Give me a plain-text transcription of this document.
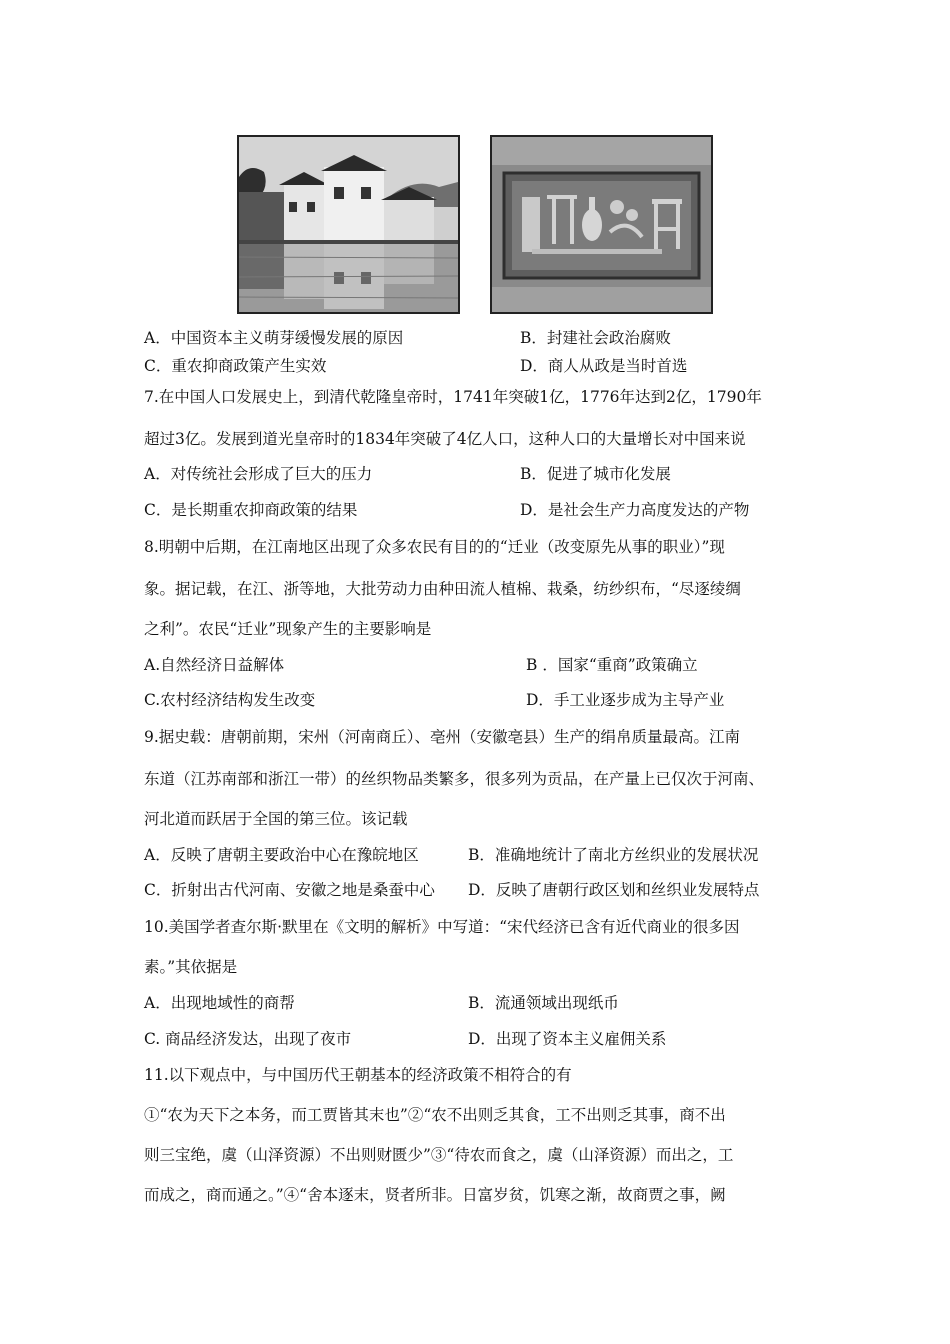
A．中国资本主义萌芽缓慢发展的原因	B．封建社会政治腐败
C．重农抑商政策产生实效	D．商人从政是当时首选
7.在中国人口发展史上，到清代乾隆皇帝时，1741年突破1亿，1776年达到2亿，1790年
超过3亿。发展到道光皇帝时的1834年突破了4亿人口，这种人口的大量增长对中国来说
A．对传统社会形成了巨大的压力	B．促进了城市化发展
C．是长期重农抑商政策的结果	D．是社会生产力高度发达的产物
8.明朝中后期，在江南地区出现了众多农民有目的的“迁业（改变原先从事的职业）”现
象。据记载，在江、浙等地，大批劳动力由种田流人植棉、栽桑，纺纱织布，“尽逐绫绸
之利”。农民“迁业”现象产生的主要影响是
A.自然经济日益解体	B ．国家“重商”政策确立
C.农村经济结构发生改变	D．手工业逐步成为主导产业
9.据史载：唐朝前期，宋州（河南商丘）、亳州（安徽亳县）生产的绢帛质量最高。江南
东道（江苏南部和浙江一带）的丝织物品类繁多，很多列为贡品，在产量上已仅次于河南、
河北道而跃居于全国的第三位。该记载
A．反映了唐朝主要政治中心在豫皖地区	B．准确地统计了南北方丝织业的发展状况
C．折射出古代河南、安徽之地是桑蚕中心 D．反映了唐朝行政区划和丝织业发展特点
10.美国学者查尔斯·默里在《文明的解析》中写道：“宋代经济已含有近代商业的很多因
素。”其依据是
A．出现地域性的商帮	B．流通领域出现纸币
C. 商品经济发达，出现了夜市	D．出现了资本主义雇佣关系
11.以下观点中，与中国历代王朝基本的经济政策不相符合的有
①“农为天下之本务，而工贾皆其末也”②“农不出则乏其食，工不出则乏其事，商不出
则三宝绝，虞（山泽资源）不出则财匮少”③“待农而食之，虞（山泽资源）而出之，工
而成之，商而通之。”④“舍本逐末，贤者所非。日富岁贫，饥寒之渐，故商贾之事，阙
